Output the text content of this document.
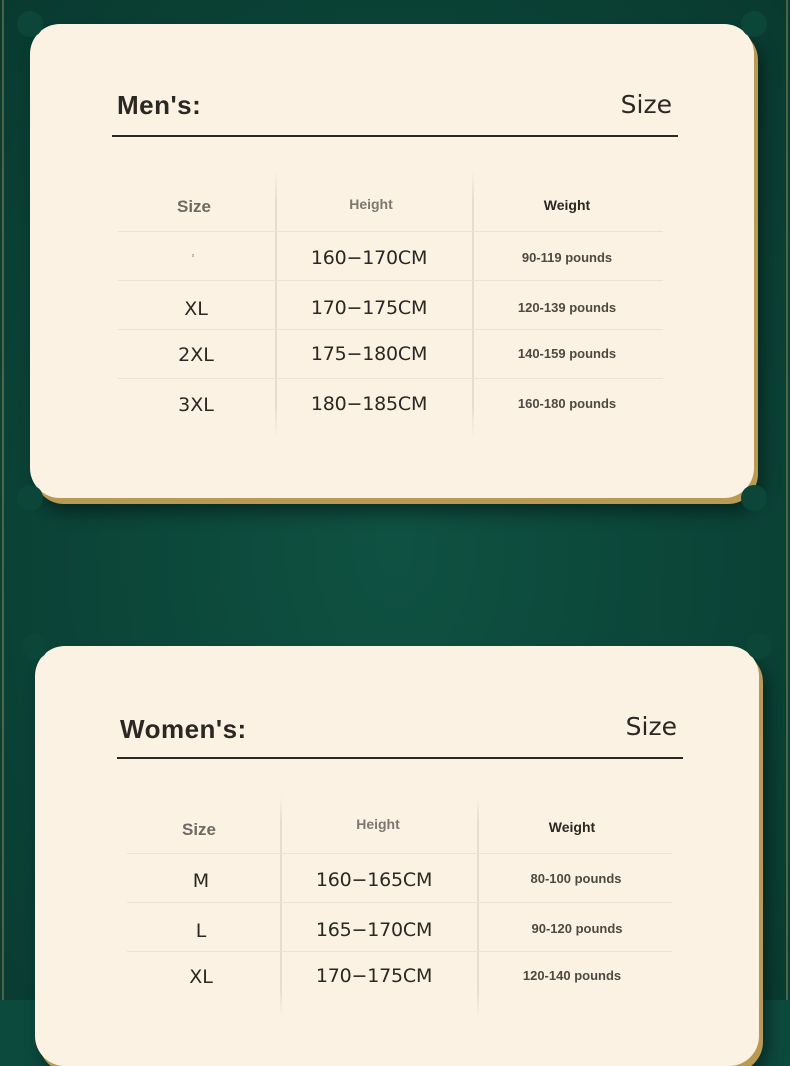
Men's:	Size
Size	Height	Weight
²	160−170CM	90-119 pounds
XL	170−175CM	120-139 pounds
2XL	175−180CM	140-159 pounds
3XL	180−185CM	160-180 pounds
Women's:	Size
Size	Height	Weight
M	160−165CM	80-100 pounds
L	165−170CM	90-120 pounds
XL	170−175CM	120-140 pounds
